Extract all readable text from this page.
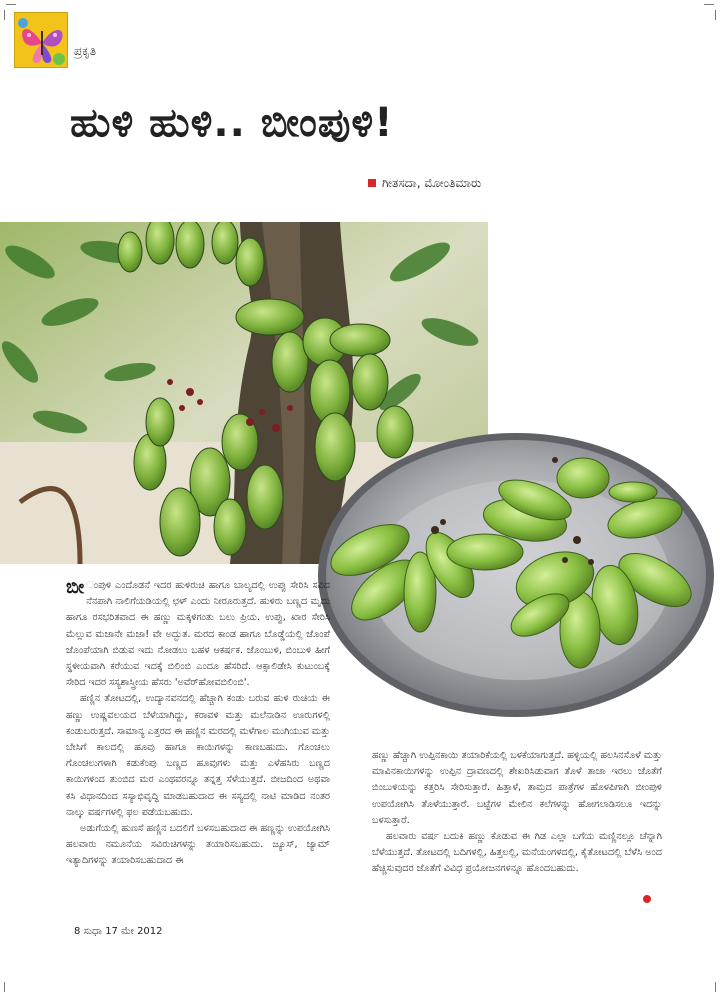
ಪ್ರಕೃತಿ
ಹುಳಿ ಹುಳಿ.. ಬೀಂಪುಳಿ!
ಗೀತಸದಾ, ಮೋಂತಿಮಾರು

ಬೀ ಂಪುಳಿ ಎಂದೊಡನೆ ಇದರ ಹುಳಿರುಚಿ ಹಾಗೂ ಬಾಲ್ಯದಲ್ಲಿ ಉಪ್ಪು ಸೇರಿಸಿ ಸವಿದ ನೆನಪಾಗಿ ನಾಲಿಗೆಯಡಿಯಲ್ಲಿ ಛಳ್ ಎಂದು ನೀರೂರುತ್ತದೆ. ಹುಳಿರು ಬಣ್ಣದ ಮೃದು ಹಾಗೂ ರಸಭರಿತವಾದ ಈ ಹಣ್ಣು ಮಕ್ಕಳಿಗಂತು ಬಲು ಪ್ರಿಯ. ಉಪ್ಪು, ಖಾರ ಸೇರಿಸಿ ಮೆಲ್ಲುವ ಮಜಾನೇ ಮಜಾ! ವೇ ಅದ್ಭುತ. ಮರದ ಕಾಂಡ ಹಾಗೂ ಬೊಡ್ಡೆಯಲ್ಲಿ ಜೊಂಪೆ ಜೊಂಪೆಯಾಗಿ ಬಿಡುವ ಇದು ನೋಡಲು ಬಹಳ ಆಕರ್ಷಕ. ಜೊಂಬುಳಿ, ಬಿಂಬುಳಿ ಹೀಗೆ ಸ್ಥಳೀಯವಾಗಿ ಕರೆಯುವ ಇದಕ್ಕೆ ಬಿಲಿಂಬಿ ಎಂದೂ ಹೆಸರಿದೆ. ಆಕ್ಸಾಲಿಡೇಸಿ ಕುಟುಂಬಕ್ಕೆ ಸೇರಿದ ಇದರ ಸಸ್ಯಶಾಸ್ತ್ರೀಯ ಹೆಸರು 'ಅವೆರ್‌ಹೋವಬಿಲಿಂಬಿ'.

ಹಣ್ಣಿನ ತೋಟದಲ್ಲಿ, ಉದ್ಯಾನವನದಲ್ಲಿ ಹೆಚ್ಚಾಗಿ ಕಂಡು ಬರುವ ಹುಳಿ ರುಚಿಯ ಈ ಹಣ್ಣು ಉಷ್ಣವಲಯದ ಬೆಳೆಯಾಗಿದ್ದು, ಕರಾವಳಿ ಮತ್ತು ಮಲೆನಾಡಿನ ಊರುಗಳಲ್ಲಿ ಕಂಡುಬರುತ್ತದೆ. ಸಾಮಾನ್ಯ ಎತ್ತರದ ಈ ಹಣ್ಣಿನ ಮರದಲ್ಲಿ ಮಳೆಗಾಲ ಮುಗಿಯುವ ಮತ್ತು ಬೇಸಿಗೆ ಕಾಲದಲ್ಲಿ ಹೂವು ಹಾಗೂ ಕಾಯಿಗಳನ್ನು ಕಾಣಬಹುದು. ಗೊಂಚಲು ಗೊಂಚಲುಗಳಾಗಿ ಕಡುಕೆಂಪು ಬಣ್ಣದ ಹೂವುಗಳು ಮತ್ತು ಎಳೆಹಸಿರು ಬಣ್ಣದ ಕಾಯಿಗಳಿಂದ ತುಂಬಿದ ಮರ ಎಂಥವರನ್ನೂ ತನ್ನತ್ತ ಸೆಳೆಯುತ್ತದೆ. ಬೀಜದಿಂದ ಅಥವಾ ಕಸಿ ವಿಧಾನದಿಂದ ಸಸ್ಯಾಭಿವೃದ್ಧಿ ಮಾಡಬಹುದಾದ ಈ ಸಸ್ಯದಲ್ಲಿ ನಾಟಿ ಮಾಡಿದ ನಂತರ ನಾಲ್ಕು ವರ್ಷಗಳಲ್ಲಿ ಫಲ ಪಡೆಯಬಹುದು.

ಅಡುಗೆಯಲ್ಲಿ ಹುಣಸೆ ಹಣ್ಣಿನ ಬದಲಿಗೆ ಬಳಸಬಹುದಾದ ಈ ಹಣ್ಣನ್ನು ಉಪಯೋಗಿಸಿ ಹಲವಾರು ನಮೂನೆಯ ಸವಿರುಚಿಗಳನ್ನು ತಯಾರಿಸಬಹುದು. ಜ್ಯೂಸ್, ಜ್ಯಾಮ್ ಇತ್ಯಾದಿಗಳನ್ನು ತಯಾರಿಸಬಹುದಾದ ಈ

ಹಣ್ಣು ಹೆಚ್ಚಾಗಿ ಉಪ್ಪಿನಕಾಯಿ ತಯಾರಿಕೆಯಲ್ಲಿ ಬಳಕೆಯಾಗುತ್ತದೆ. ಹಳ್ಳಿಯಲ್ಲಿ ಹಲಸಿನಸೊಳೆ ಮತ್ತು ಮಾವಿನಕಾಯಿಗಳನ್ನು ಉಪ್ಪಿನ ದ್ರಾವಣದಲ್ಲಿ ಶೇಖರಿಸಿಡುವಾಗ ತೊಳೆ ತಾಜಾ ಇರಲು ಜೊತೆಗೆ ಬಿಂಬುಳಿಯನ್ನು ಕತ್ತರಿಸಿ ಸೇರಿಸುತ್ತಾರೆ. ಹಿತ್ತಾಳೆ, ತಾಮ್ರದ ಪಾತ್ರೆಗಳ ಹೊಳಪಿಗಾಗಿ ಬೀಂಪುಳಿ ಉಪಯೋಗಿಸಿ ತೊಳೆಯುತ್ತಾರೆ. ಬಟ್ಟೆಗಳ ಮೇಲಿನ ಕಲೆಗಳನ್ನು ಹೋಗಲಾಡಿಸಲೂ ಇದನ್ನು ಬಳಸುತ್ತಾರೆ.

ಹಲವಾರು ವರ್ಷ ಬದುಕಿ ಹಣ್ಣು ಕೊಡುವ ಈ ಗಿಡ ಎಲ್ಲಾ ಬಗೆಯ ಮಣ್ಣಿನಲ್ಲೂ ಚೆನ್ನಾಗಿ ಬೆಳೆಯುತ್ತದೆ. ತೋಟದಲ್ಲಿ ಬದಿಗಳಲ್ಲಿ, ಹಿತ್ತಲಲ್ಲಿ, ಮನೆಯಂಗಳದಲ್ಲಿ, ಕೈತೋಟದಲ್ಲಿ ಬೆಳೆಸಿ ಅಂದ ಹೆಚ್ಚಿಸುವುದರ ಜೊತೆಗೆ ವಿವಿಧ ಪ್ರಯೋಜನಗಳನ್ನೂ ಹೊಂದಬಹುದು.

8 ಸುಧಾ 17 ಮೇ 2012
